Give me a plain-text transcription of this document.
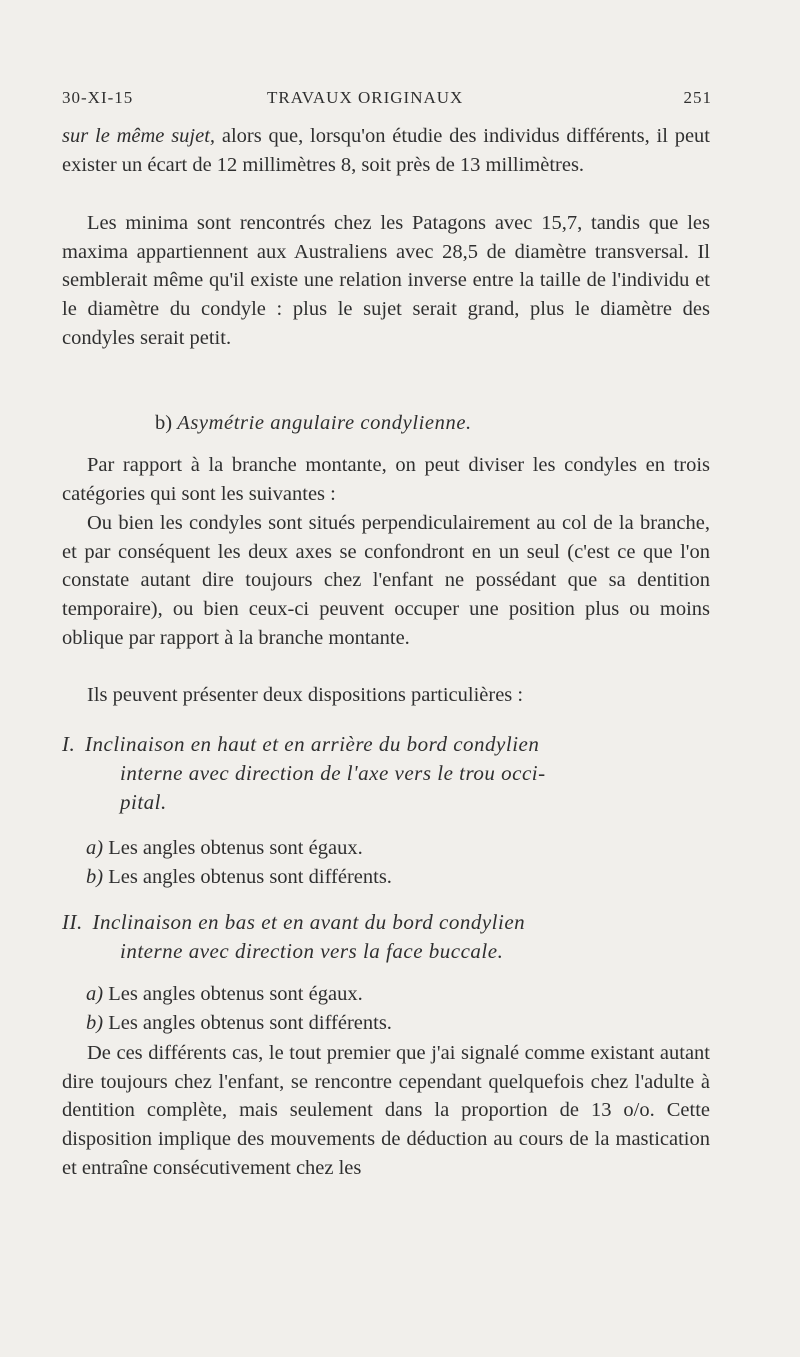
30-XI-15	TRAVAUX ORIGINAUX	251

sur le même sujet, alors que, lorsqu'on étudie des individus différents, il peut exister un écart de 12 millimètres 8, soit près de 13 millimètres.

Les minima sont rencontrés chez les Patagons avec 15,7, tandis que les maxima appartiennent aux Australiens avec 28,5 de diamètre transversal. Il semblerait même qu'il existe une relation inverse entre la taille de l'individu et le diamètre du condyle : plus le sujet serait grand, plus le diamètre des condyles serait petit.

b) Asymétrie angulaire condylienne.

Par rapport à la branche montante, on peut diviser les condyles en trois catégories qui sont les suivantes :

Ou bien les condyles sont situés perpendiculairement au col de la branche, et par conséquent les deux axes se confondront en un seul (c'est ce que l'on constate autant dire toujours chez l'enfant ne possédant que sa dentition temporaire), ou bien ceux-ci peuvent occuper une position plus ou moins oblique par rapport à la branche montante.

Ils peuvent présenter deux dispositions particulières :

I. Inclinaison en haut et en arrière du bord condylien
interne avec direction de l'axe vers le trou occi-
pital.

a) Les angles obtenus sont égaux.

b) Les angles obtenus sont différents.

II. Inclinaison en bas et en avant du bord condylien
interne avec direction vers la face buccale.

a) Les angles obtenus sont égaux.

b) Les angles obtenus sont différents.

De ces différents cas, le tout premier que j'ai signalé comme existant autant dire toujours chez l'enfant, se rencontre cependant quelquefois chez l'adulte à dentition complète, mais seulement dans la proportion de 13 o/o. Cette disposition implique des mouvements de déduction au cours de la mastication et entraîne consécutivement chez les
